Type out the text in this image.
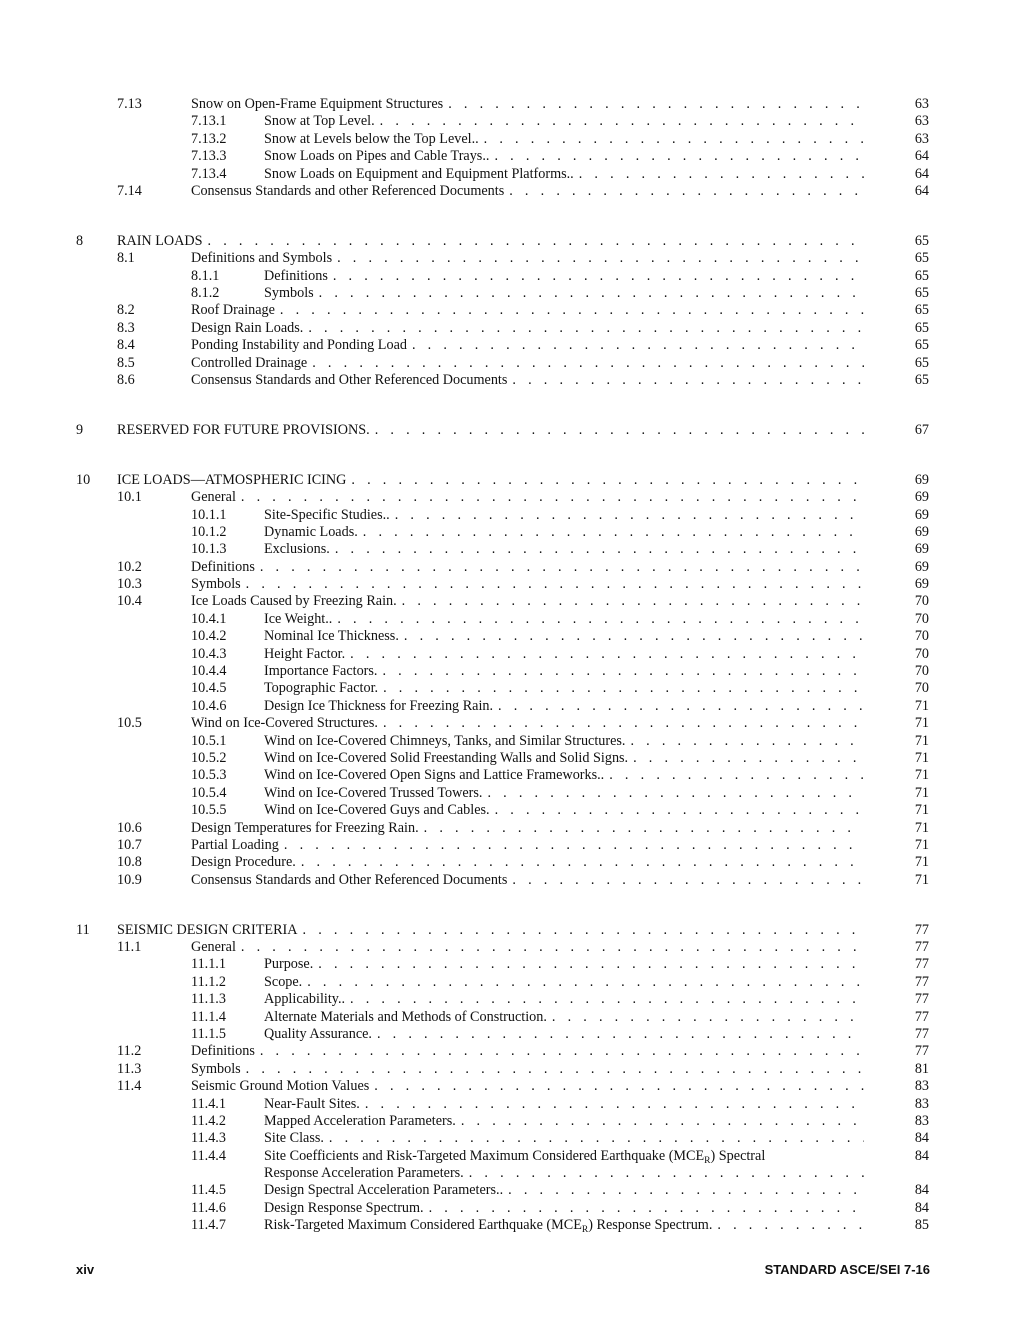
7.13	Snow on Open-Frame Equipment Structures . . .	63
7.13.1	Snow at Top Level. . . .	63
7.13.2	Snow at Levels below the Top Level.. . . .	63
7.13.3	Snow Loads on Pipes and Cable Trays.. . . .	64
7.13.4	Snow Loads on Equipment and Equipment Platforms.. . . .	64
7.14	Consensus Standards and other Referenced Documents . . .	64
8 RAIN LOADS . . .	65
8.1	Definitions and Symbols . . .	65
8.1.1	Definitions . . .	65
8.1.2	Symbols . . .	65
8.2	Roof Drainage . . .	65
8.3	Design Rain Loads. . . .	65
8.4	Ponding Instability and Ponding Load . . .	65
8.5	Controlled Drainage . . .	65
8.6	Consensus Standards and Other Referenced Documents . . .	65
9 RESERVED FOR FUTURE PROVISIONS. . . .	67
10 ICE LOADS—ATMOSPHERIC ICING . . .	69
10.1	General . . .	69
10.1.1	Site-Specific Studies.. . . .	69
10.1.2	Dynamic Loads. . . .	69
10.1.3	Exclusions. . . .	69
10.2	Definitions . . .	69
10.3	Symbols . . .	69
10.4	Ice Loads Caused by Freezing Rain. . . .	70
10.4.1	Ice Weight.. . . .	70
10.4.2	Nominal Ice Thickness. . . .	70
10.4.3	Height Factor. . . .	70
10.4.4	Importance Factors. . . .	70
10.4.5	Topographic Factor. . . .	70
10.4.6	Design Ice Thickness for Freezing Rain. . . .	71
10.5	Wind on Ice-Covered Structures. . . .	71
10.5.1	Wind on Ice-Covered Chimneys, Tanks, and Similar Structures. . . .	71
10.5.2	Wind on Ice-Covered Solid Freestanding Walls and Solid Signs. . . .	71
10.5.3	Wind on Ice-Covered Open Signs and Lattice Frameworks.. . . .	71
10.5.4	Wind on Ice-Covered Trussed Towers. . . .	71
10.5.5	Wind on Ice-Covered Guys and Cables. . . .	71
10.6	Design Temperatures for Freezing Rain. . . .	71
10.7	Partial Loading . . .	71
10.8	Design Procedure. . . .	71
10.9	Consensus Standards and Other Referenced Documents . . .	71
11 SEISMIC DESIGN CRITERIA . . .	77
11.1	General . . .	77
11.1.1	Purpose. . . .	77
11.1.2	Scope. . . .	77
11.1.3	Applicability.. . . .	77
11.1.4	Alternate Materials and Methods of Construction. . . .	77
11.1.5	Quality Assurance. . . .	77
11.2	Definitions . . .	77
11.3	Symbols . . .	81
11.4	Seismic Ground Motion Values . . .	83
11.4.1	Near-Fault Sites. . . .	83
11.4.2	Mapped Acceleration Parameters. . . .	83
11.4.3	Site Class. . . .	84
11.4.4	Site Coefficients and Risk-Targeted Maximum Considered Earthquake $(MCE_R)$ Spectral	84
Response Acceleration Parameters.
. . .
11.4.5	Design Spectral Acceleration Parameters.. . . .	84
11.4.6	Design Response Spectrum. . . .	84
11.4.7	Risk-Targeted Maximum Considered Earthquake $(MCE_R)$ Response Spectrum. . . .	85
xiv	STANDARD ASCE/SEI 7-16
